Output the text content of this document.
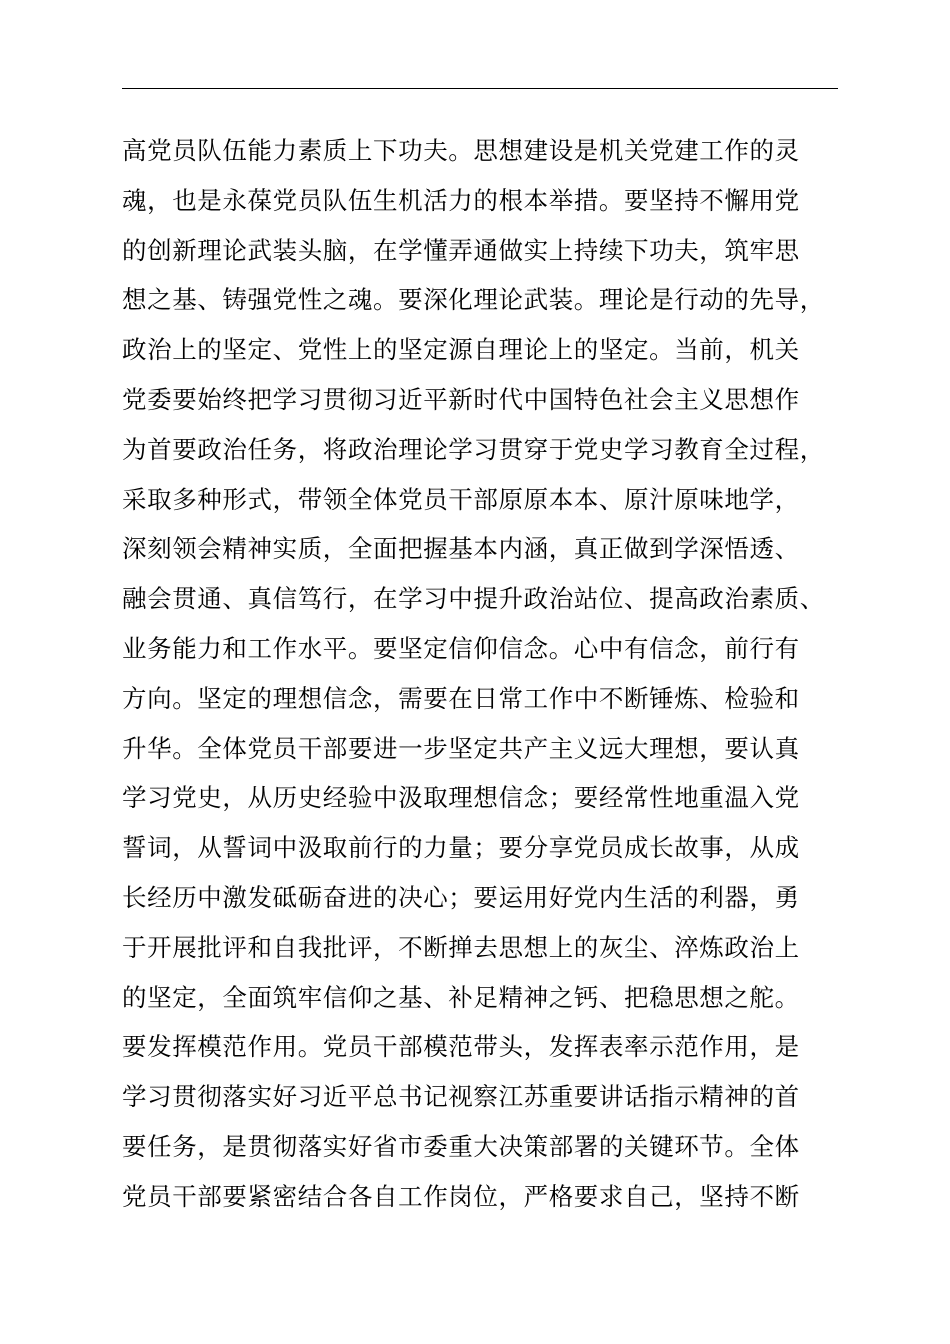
高党员队伍能力素质上下功夫。思想建设是机关党建工作的灵
魂，也是永葆党员队伍生机活力的根本举措。要坚持不懈用党
的创新理论武装头脑，在学懂弄通做实上持续下功夫，筑牢思
想之基、铸强党性之魂。要深化理论武装。理论是行动的先导，
政治上的坚定、党性上的坚定源自理论上的坚定。当前，机关
党委要始终把学习贯彻习近平新时代中国特色社会主义思想作
为首要政治任务，将政治理论学习贯穿于党史学习教育全过程，
采取多种形式，带领全体党员干部原原本本、原汁原味地学，
深刻领会精神实质，全面把握基本内涵，真正做到学深悟透、
融会贯通、真信笃行，在学习中提升政治站位、提高政治素质、
业务能力和工作水平。要坚定信仰信念。心中有信念，前行有
方向。坚定的理想信念，需要在日常工作中不断锤炼、检验和
升华。全体党员干部要进一步坚定共产主义远大理想，要认真
学习党史，从历史经验中汲取理想信念；要经常性地重温入党
誓词，从誓词中汲取前行的力量；要分享党员成长故事，从成
长经历中激发砥砺奋进的决心；要运用好党内生活的利器，勇
于开展批评和自我批评，不断掸去思想上的灰尘、淬炼政治上
的坚定，全面筑牢信仰之基、补足精神之钙、把稳思想之舵。
要发挥模范作用。党员干部模范带头，发挥表率示范作用，是
学习贯彻落实好习近平总书记视察江苏重要讲话指示精神的首
要任务，是贯彻落实好省市委重大决策部署的关键环节。全体
党员干部要紧密结合各自工作岗位，严格要求自己，坚持不断
